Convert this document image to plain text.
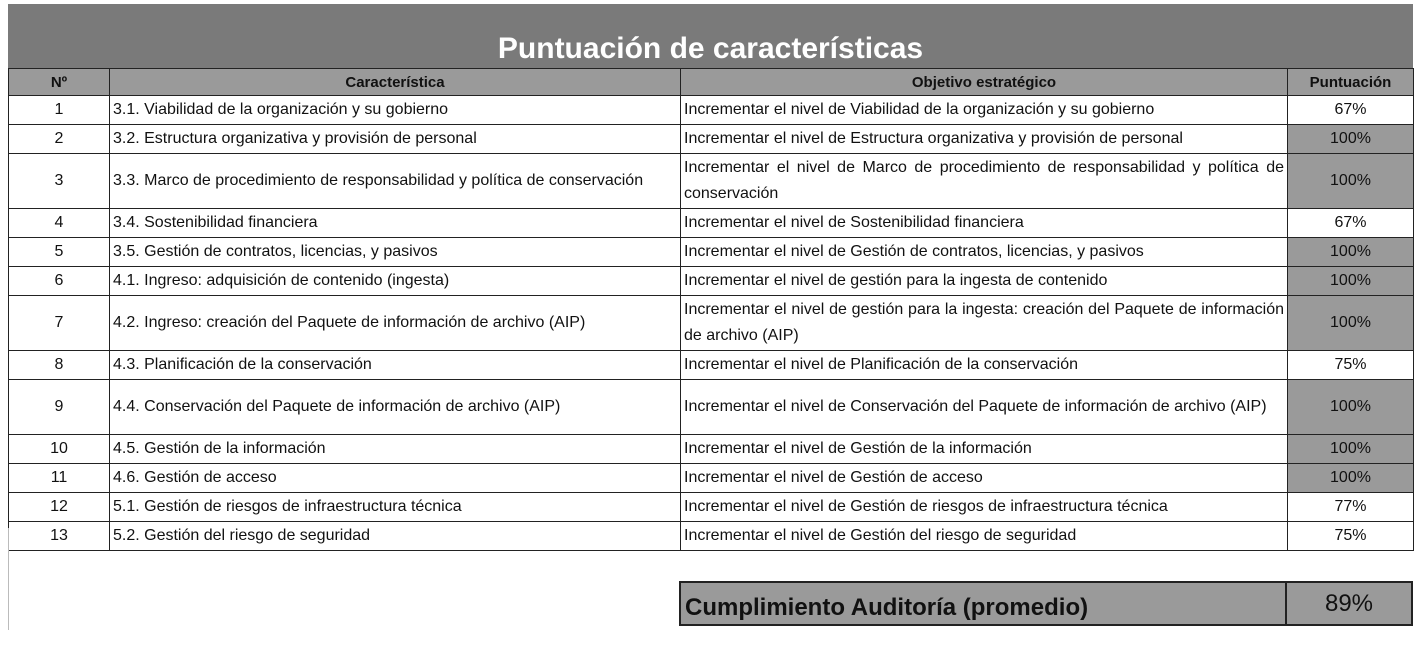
Puntuación de características
Nº	Característica	Objetivo estratégico	Puntuación
1	3.1. Viabilidad de la organización y su gobierno	Incrementar el nivel de Viabilidad de la organización y su gobierno	67%
2	3.2. Estructura organizativa y provisión de personal	Incrementar el nivel de Estructura organizativa y provisión de personal	100%
3	3.3. Marco de procedimiento de responsabilidad y política de conservación	Incrementar el nivel de Marco de procedimiento de responsabilidad y política de conservación	100%
4	3.4. Sostenibilidad financiera	Incrementar el nivel de Sostenibilidad financiera	67%
5	3.5. Gestión de contratos, licencias, y pasivos	Incrementar el nivel de Gestión de contratos, licencias, y pasivos	100%
6	4.1. Ingreso: adquisición de contenido (ingesta)	Incrementar el nivel de gestión para la ingesta de contenido	100%
7	4.2. Ingreso: creación del Paquete de información de archivo (AIP)	Incrementar el nivel de gestión para la ingesta: creación del Paquete de información de archivo (AIP)	100%
8	4.3. Planificación de la conservación	Incrementar el nivel de Planificación de la conservación	75%
9	4.4. Conservación del Paquete de información de archivo (AIP)	Incrementar el nivel de Conservación del Paquete de información de archivo (AIP)	100%
10	4.5. Gestión de la información	Incrementar el nivel de Gestión de la información	100%
11	4.6. Gestión de acceso	Incrementar el nivel de Gestión de acceso	100%
12	5.1. Gestión de riesgos de infraestructura técnica	Incrementar el nivel de Gestión de riesgos de infraestructura técnica	77%
13	5.2. Gestión del riesgo de seguridad	Incrementar el nivel de Gestión del riesgo de seguridad	75%
Cumplimiento Auditoría (promedio)	89%
